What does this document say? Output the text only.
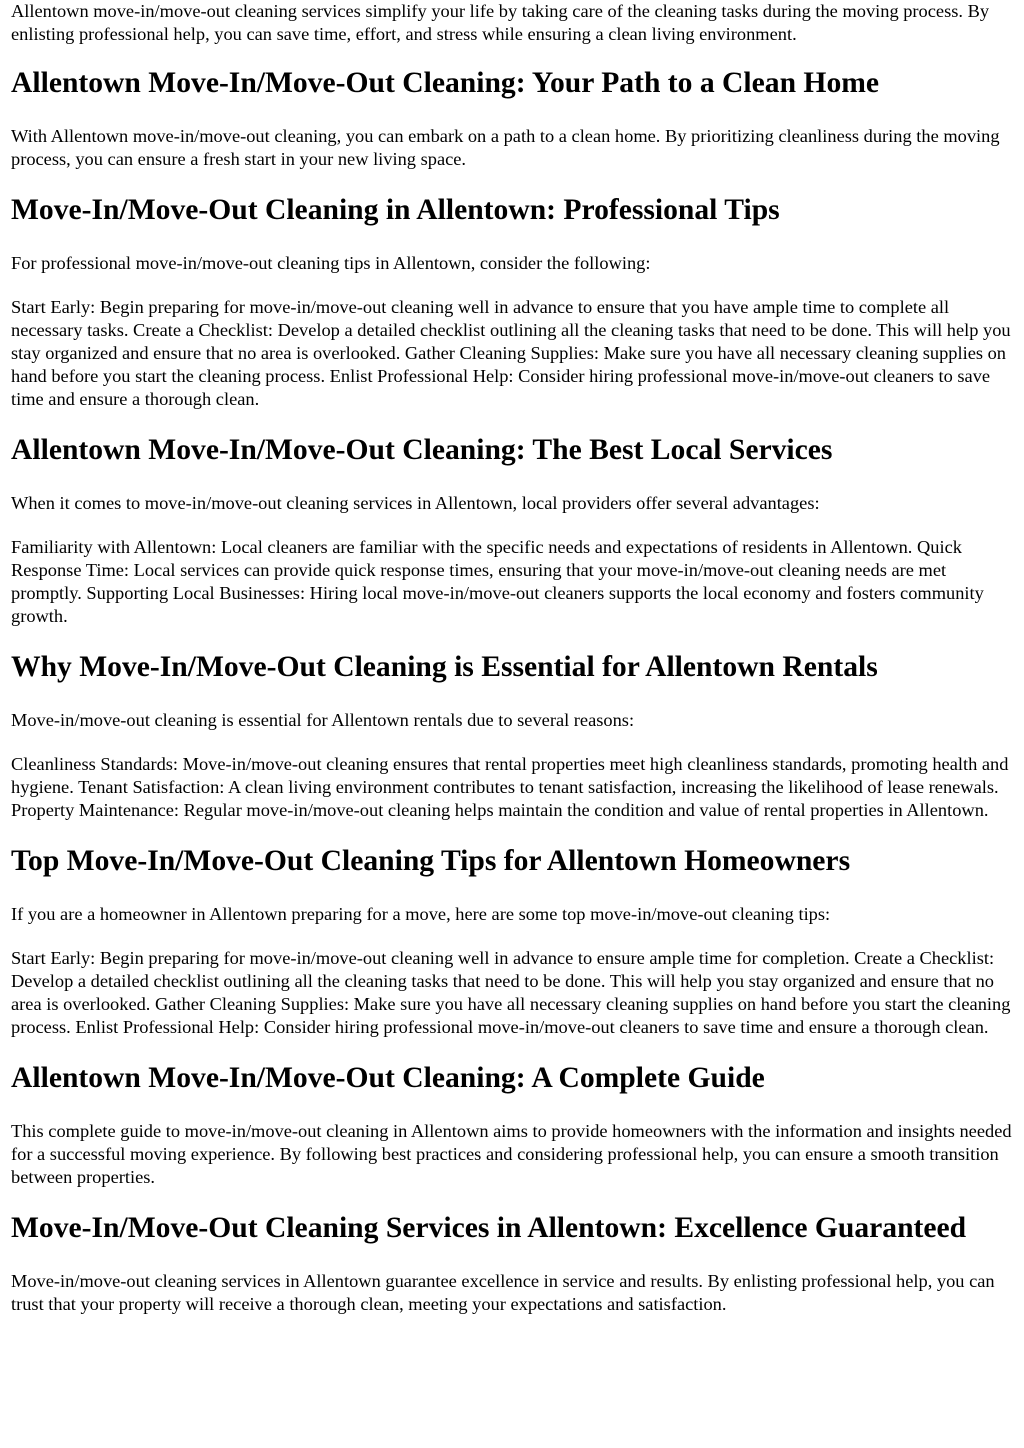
Allentown move-in/move-out cleaning services simplify your life by taking care of the cleaning tasks during the moving process. By enlisting professional help, you can save time, effort, and stress while ensuring a clean living environment.

Allentown Move-In/Move-Out Cleaning: Your Path to a Clean Home

With Allentown move-in/move-out cleaning, you can embark on a path to a clean home. By prioritizing cleanliness during the moving process, you can ensure a fresh start in your new living space.

Move-In/Move-Out Cleaning in Allentown: Professional Tips

For professional move-in/move-out cleaning tips in Allentown, consider the following:

Start Early: Begin preparing for move-in/move-out cleaning well in advance to ensure that you have ample time to complete all necessary tasks. Create a Checklist: Develop a detailed checklist outlining all the cleaning tasks that need to be done. This will help you stay organized and ensure that no area is overlooked. Gather Cleaning Supplies: Make sure you have all necessary cleaning supplies on hand before you start the cleaning process. Enlist Professional Help: Consider hiring professional move-in/move-out cleaners to save time and ensure a thorough clean.

Allentown Move-In/Move-Out Cleaning: The Best Local Services

When it comes to move-in/move-out cleaning services in Allentown, local providers offer several advantages:

Familiarity with Allentown: Local cleaners are familiar with the specific needs and expectations of residents in Allentown. Quick Response Time: Local services can provide quick response times, ensuring that your move-in/move-out cleaning needs are met promptly. Supporting Local Businesses: Hiring local move-in/move-out cleaners supports the local economy and fosters community growth.

Why Move-In/Move-Out Cleaning is Essential for Allentown Rentals

Move-in/move-out cleaning is essential for Allentown rentals due to several reasons:

Cleanliness Standards: Move-in/move-out cleaning ensures that rental properties meet high cleanliness standards, promoting health and hygiene. Tenant Satisfaction: A clean living environment contributes to tenant satisfaction, increasing the likelihood of lease renewals. Property Maintenance: Regular move-in/move-out cleaning helps maintain the condition and value of rental properties in Allentown.

Top Move-In/Move-Out Cleaning Tips for Allentown Homeowners

If you are a homeowner in Allentown preparing for a move, here are some top move-in/move-out cleaning tips:

Start Early: Begin preparing for move-in/move-out cleaning well in advance to ensure ample time for completion. Create a Checklist: Develop a detailed checklist outlining all the cleaning tasks that need to be done. This will help you stay organized and ensure that no area is overlooked. Gather Cleaning Supplies: Make sure you have all necessary cleaning supplies on hand before you start the cleaning process. Enlist Professional Help: Consider hiring professional move-in/move-out cleaners to save time and ensure a thorough clean.

Allentown Move-In/Move-Out Cleaning: A Complete Guide

This complete guide to move-in/move-out cleaning in Allentown aims to provide homeowners with the information and insights needed for a successful moving experience. By following best practices and considering professional help, you can ensure a smooth transition between properties.

Move-In/Move-Out Cleaning Services in Allentown: Excellence Guaranteed

Move-in/move-out cleaning services in Allentown guarantee excellence in service and results. By enlisting professional help, you can trust that your property will receive a thorough clean, meeting your expectations and satisfaction.
